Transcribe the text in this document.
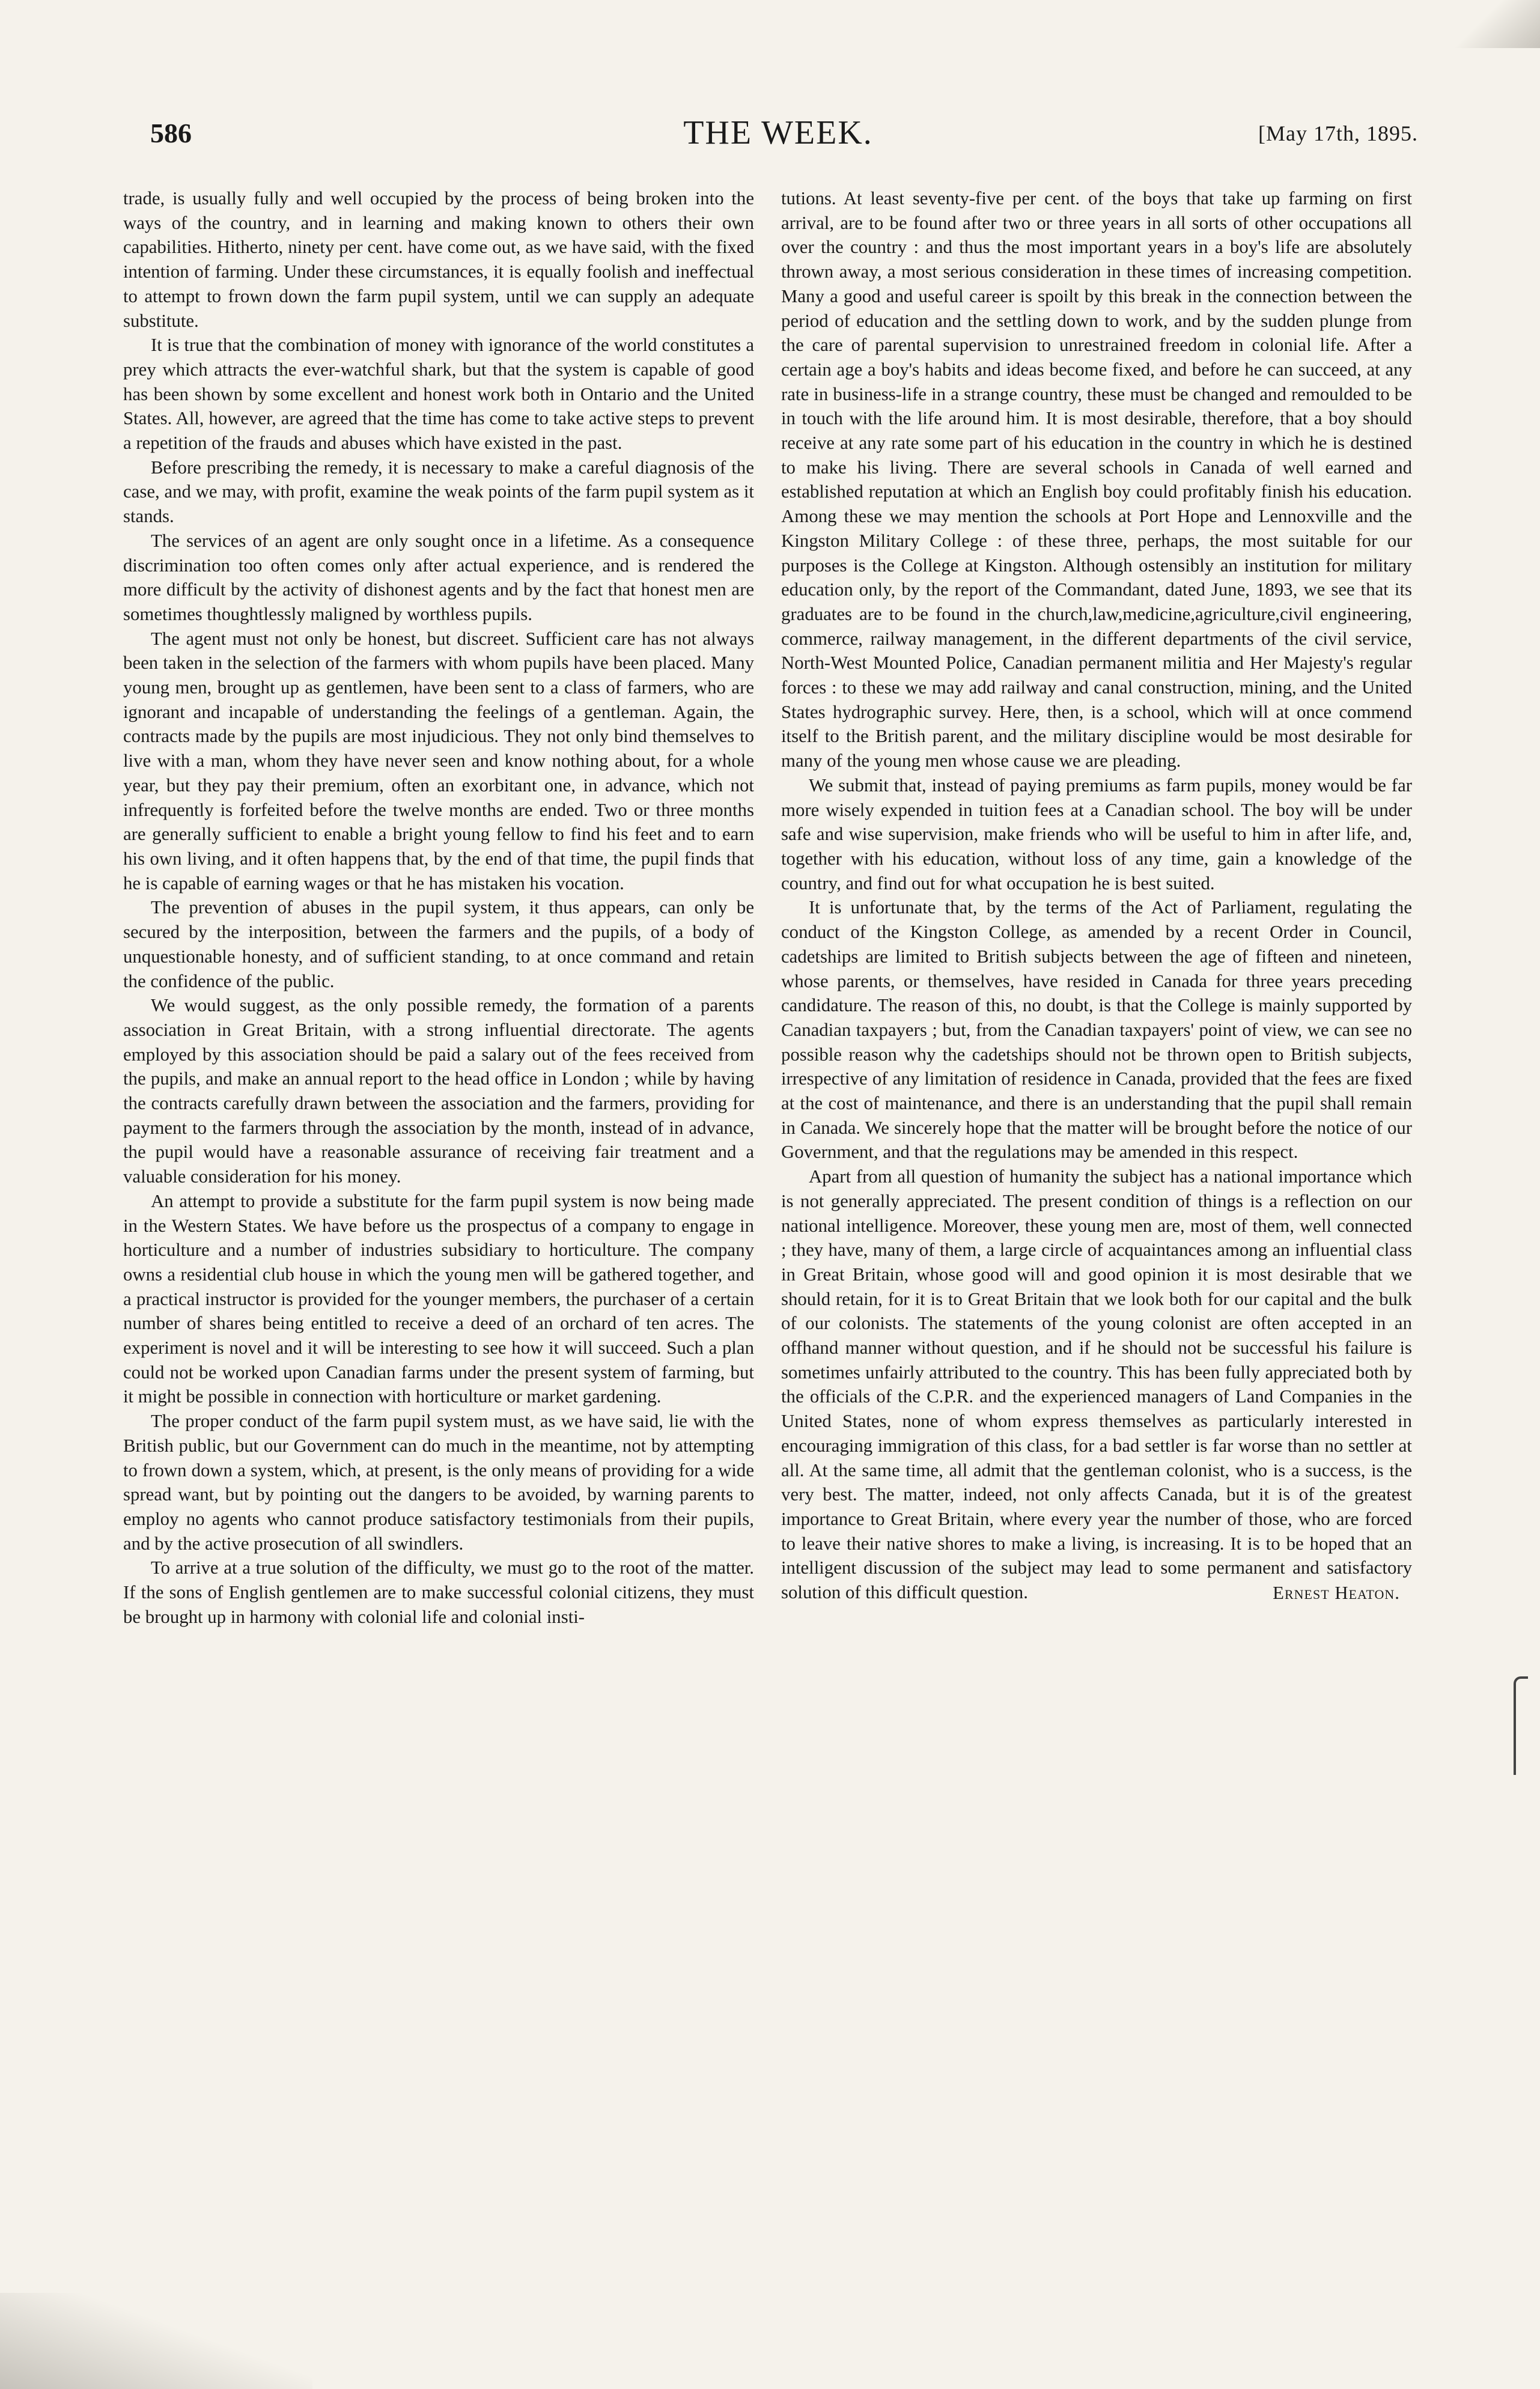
586	THE WEEK.	[May 17th, 1895.

trade, is usually fully and well occupied by the process of being broken into the ways of the country, and in learning and making known to others their own capabilities. Hitherto, ninety per cent. have come out, as we have said, with the fixed intention of farming. Under these circumstances, it is equally foolish and ineffectual to attempt to frown down the farm pupil system, until we can supply an adequate substitute.

It is true that the combination of money with ignorance of the world constitutes a prey which attracts the ever-watchful shark, but that the system is capable of good has been shown by some excellent and honest work both in Ontario and the United States. All, however, are agreed that the time has come to take active steps to prevent a repetition of the frauds and abuses which have existed in the past.

Before prescribing the remedy, it is necessary to make a careful diagnosis of the case, and we may, with profit, examine the weak points of the farm pupil system as it stands.

The services of an agent are only sought once in a lifetime. As a consequence discrimination too often comes only after actual experience, and is rendered the more difficult by the activity of dishonest agents and by the fact that honest men are sometimes thoughtlessly maligned by worthless pupils.

The agent must not only be honest, but discreet. Sufficient care has not always been taken in the selection of the farmers with whom pupils have been placed. Many young men, brought up as gentlemen, have been sent to a class of farmers, who are ignorant and incapable of understanding the feelings of a gentleman. Again, the contracts made by the pupils are most injudicious. They not only bind themselves to live with a man, whom they have never seen and know nothing about, for a whole year, but they pay their premium, often an exorbitant one, in advance, which not infrequently is forfeited before the twelve months are ended. Two or three months are generally sufficient to enable a bright young fellow to find his feet and to earn his own living, and it often happens that, by the end of that time, the pupil finds that he is capable of earning wages or that he has mistaken his vocation.

The prevention of abuses in the pupil system, it thus appears, can only be secured by the interposition, between the farmers and the pupils, of a body of unquestionable honesty, and of sufficient standing, to at once command and retain the confidence of the public.

We would suggest, as the only possible remedy, the formation of a parents association in Great Britain, with a strong influential directorate. The agents employed by this association should be paid a salary out of the fees received from the pupils, and make an annual report to the head office in London ; while by having the contracts carefully drawn between the association and the farmers, providing for payment to the farmers through the association by the month, instead of in advance, the pupil would have a reasonable assurance of receiving fair treatment and a valuable consideration for his money.

An attempt to provide a substitute for the farm pupil system is now being made in the Western States. We have before us the prospectus of a company to engage in horticulture and a number of industries subsidiary to horticulture. The company owns a residential club house in which the young men will be gathered together, and a practical instructor is provided for the younger members, the purchaser of a certain number of shares being entitled to receive a deed of an orchard of ten acres. The experiment is novel and it will be interesting to see how it will succeed. Such a plan could not be worked upon Canadian farms under the present system of farming, but it might be possible in connection with horticulture or market gardening.

The proper conduct of the farm pupil system must, as we have said, lie with the British public, but our Government can do much in the meantime, not by attempting to frown down a system, which, at present, is the only means of providing for a wide spread want, but by pointing out the dangers to be avoided, by warning parents to employ no agents who cannot produce satisfactory testimonials from their pupils, and by the active prosecution of all swindlers.

To arrive at a true solution of the difficulty, we must go to the root of the matter. If the sons of English gentlemen are to make successful colonial citizens, they must be brought up in harmony with colonial life and colonial insti-

tutions. At least seventy-five per cent. of the boys that take up farming on first arrival, are to be found after two or three years in all sorts of other occupations all over the country : and thus the most important years in a boy's life are absolutely thrown away, a most serious consideration in these times of increasing competition. Many a good and useful career is spoilt by this break in the connection between the period of education and the settling down to work, and by the sudden plunge from the care of parental supervision to unrestrained freedom in colonial life. After a certain age a boy's habits and ideas become fixed, and before he can succeed, at any rate in business-life in a strange country, these must be changed and remoulded to be in touch with the life around him. It is most desirable, therefore, that a boy should receive at any rate some part of his education in the country in which he is destined to make his living. There are several schools in Canada of well earned and established reputation at which an English boy could profitably finish his education. Among these we may mention the schools at Port Hope and Lennoxville and the Kingston Military College : of these three, perhaps, the most suitable for our purposes is the College at Kingston. Although ostensibly an institution for military education only, by the report of the Commandant, dated June, 1893, we see that its graduates are to be found in the church,law,medicine,agriculture,civil engineering, commerce, railway management, in the different departments of the civil service, North-West Mounted Police, Canadian permanent militia and Her Majesty's regular forces : to these we may add railway and canal construction, mining, and the United States hydrographic survey. Here, then, is a school, which will at once commend itself to the British parent, and the military discipline would be most desirable for many of the young men whose cause we are pleading.

We submit that, instead of paying premiums as farm pupils, money would be far more wisely expended in tuition fees at a Canadian school. The boy will be under safe and wise supervision, make friends who will be useful to him in after life, and, together with his education, without loss of any time, gain a knowledge of the country, and find out for what occupation he is best suited.

It is unfortunate that, by the terms of the Act of Parliament, regulating the conduct of the Kingston College, as amended by a recent Order in Council, cadetships are limited to British subjects between the age of fifteen and nineteen, whose parents, or themselves, have resided in Canada for three years preceding candidature. The reason of this, no doubt, is that the College is mainly supported by Canadian taxpayers ; but, from the Canadian taxpayers' point of view, we can see no possible reason why the cadetships should not be thrown open to British subjects, irrespective of any limitation of residence in Canada, provided that the fees are fixed at the cost of maintenance, and there is an understanding that the pupil shall remain in Canada. We sincerely hope that the matter will be brought before the notice of our Government, and that the regulations may be amended in this respect.

Apart from all question of humanity the subject has a national importance which is not generally appreciated. The present condition of things is a reflection on our national intelligence. Moreover, these young men are, most of them, well connected ; they have, many of them, a large circle of acquaintances among an influential class in Great Britain, whose good will and good opinion it is most desirable that we should retain, for it is to Great Britain that we look both for our capital and the bulk of our colonists. The statements of the young colonist are often accepted in an offhand manner without question, and if he should not be successful his failure is sometimes unfairly attributed to the country. This has been fully appreciated both by the officials of the C.P.R. and the experienced managers of Land Companies in the United States, none of whom express themselves as particularly interested in encouraging immigration of this class, for a bad settler is far worse than no settler at all. At the same time, all admit that the gentleman colonist, who is a success, is the very best. The matter, indeed, not only affects Canada, but it is of the greatest importance to Great Britain, where every year the number of those, who are forced to leave their native shores to make a living, is increasing. It is to be hoped that an intelligent discussion of the subject may lead to some permanent and satisfactory solution of this difficult question.	Ernest Heaton.
